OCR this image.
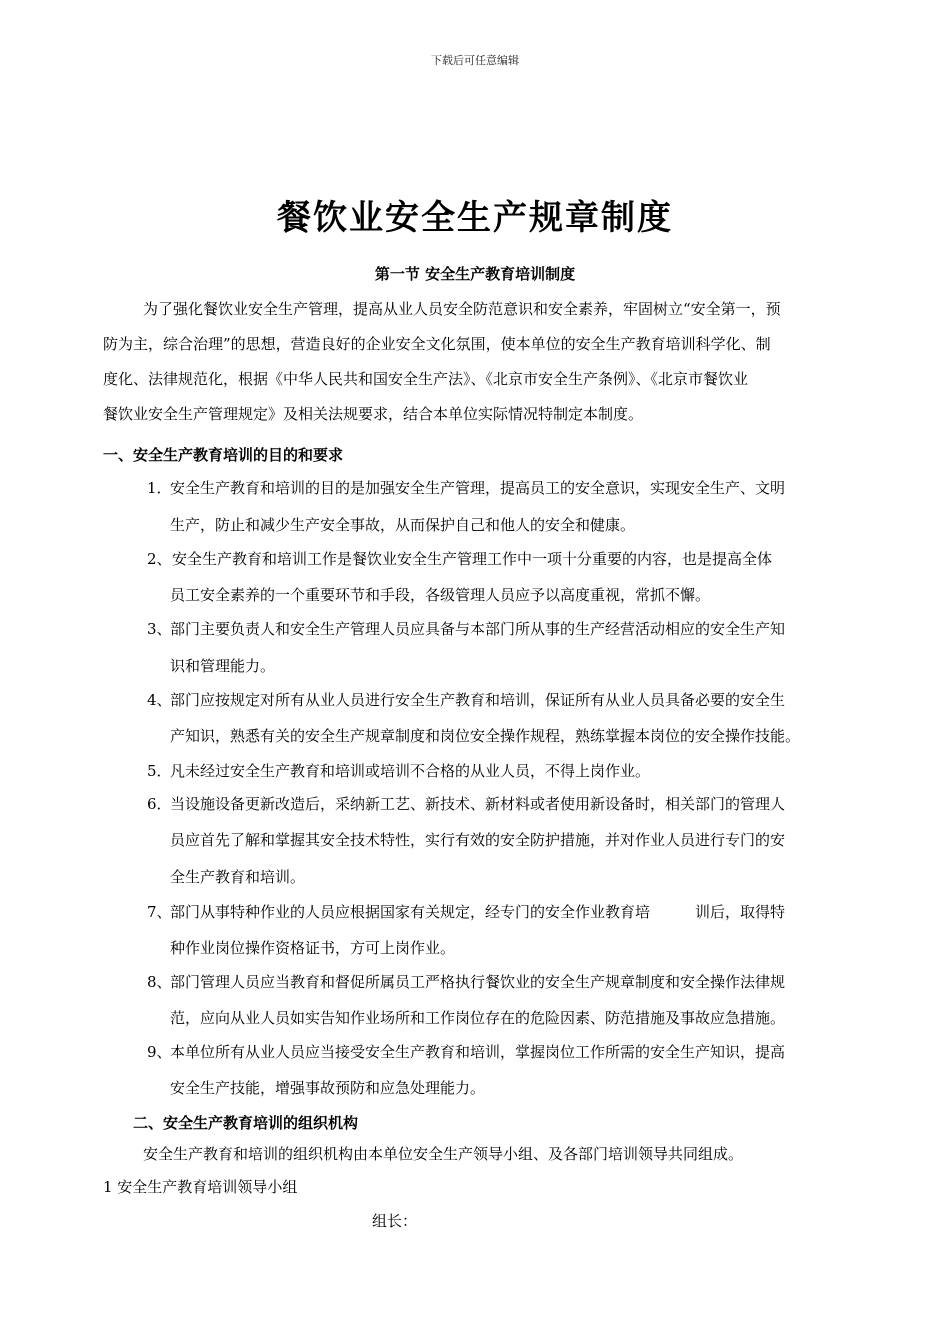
下载后可任意编辑
餐饮业安全生产规章制度
第一节 安全生产教育培训制度
为了强化餐饮业安全生产管理，提高从业人员安全防范意识和安全素养，牢固树立“安全第一，预
防为主，综合治理”的思想，营造良好的企业安全文化氛围，使本单位的安全生产教育培训科学化、制
度化、法律规范化，根据《中华人民共和国安全生产法》、《北京市安全生产条例》、《北京市餐饮业
餐饮业安全生产管理规定》及相关法规要求，结合本单位实际情况特制定本制度。
一、安全生产教育培训的目的和要求
1．
安全生产教育和培训的目的是加强安全生产管理，提高员工的安全意识，实现安全生产、文明
生产，防止和减少生产安全事故，从而保护自己和他人的安全和健康。
2、 安全生产教育和培训工作是餐饮业安全生产管理工作中一项十分重要的内容，也是提高全体
员工安全素养的一个重要环节和手段，各级管理人员应予以高度重视，常抓不懈。
3、
部门主要负责人和安全生产管理人员应具备与本部门所从事的生产经营活动相应的安全生产知
识和管理能力。
4、
部门应按规定对所有从业人员进行安全生产教育和培训，保证所有从业人员具备必要的安全生
产知识，熟悉有关的安全生产规章制度和岗位安全操作规程，熟练掌握本岗位的安全操作技能。
5．
凡未经过安全生产教育和培训或培训不合格的从业人员，不得上岗作业。
6．
当设施设备更新改造后，采纳新工艺、新技术、新材料或者使用新设备时，相关部门的管理人
员应首先了解和掌握其安全技术特性，实行有效的安全防护措施，并对作业人员进行专门的安
全生产教育和培训。
7、
部门从事特种作业的人员应根据国家有关规定，经专门的安全作业教育培　　　训后，取得特
种作业岗位操作资格证书，方可上岗作业。
8、
部门管理人员应当教育和督促所属员工严格执行餐饮业的安全生产规章制度和安全操作法律规
范，应向从业人员如实告知作业场所和工作岗位存在的危险因素、防范措施及事故应急措施。
9、
本单位所有从业人员应当接受安全生产教育和培训，掌握岗位工作所需的安全生产知识，提高
安全生产技能，增强事故预防和应急处理能力。
二、安全生产教育培训的组织机构
安全生产教育和培训的组织机构由本单位安全生产领导小组、及各部门培训领导共同组成。
1 安全生产教育培训领导小组
组长：
